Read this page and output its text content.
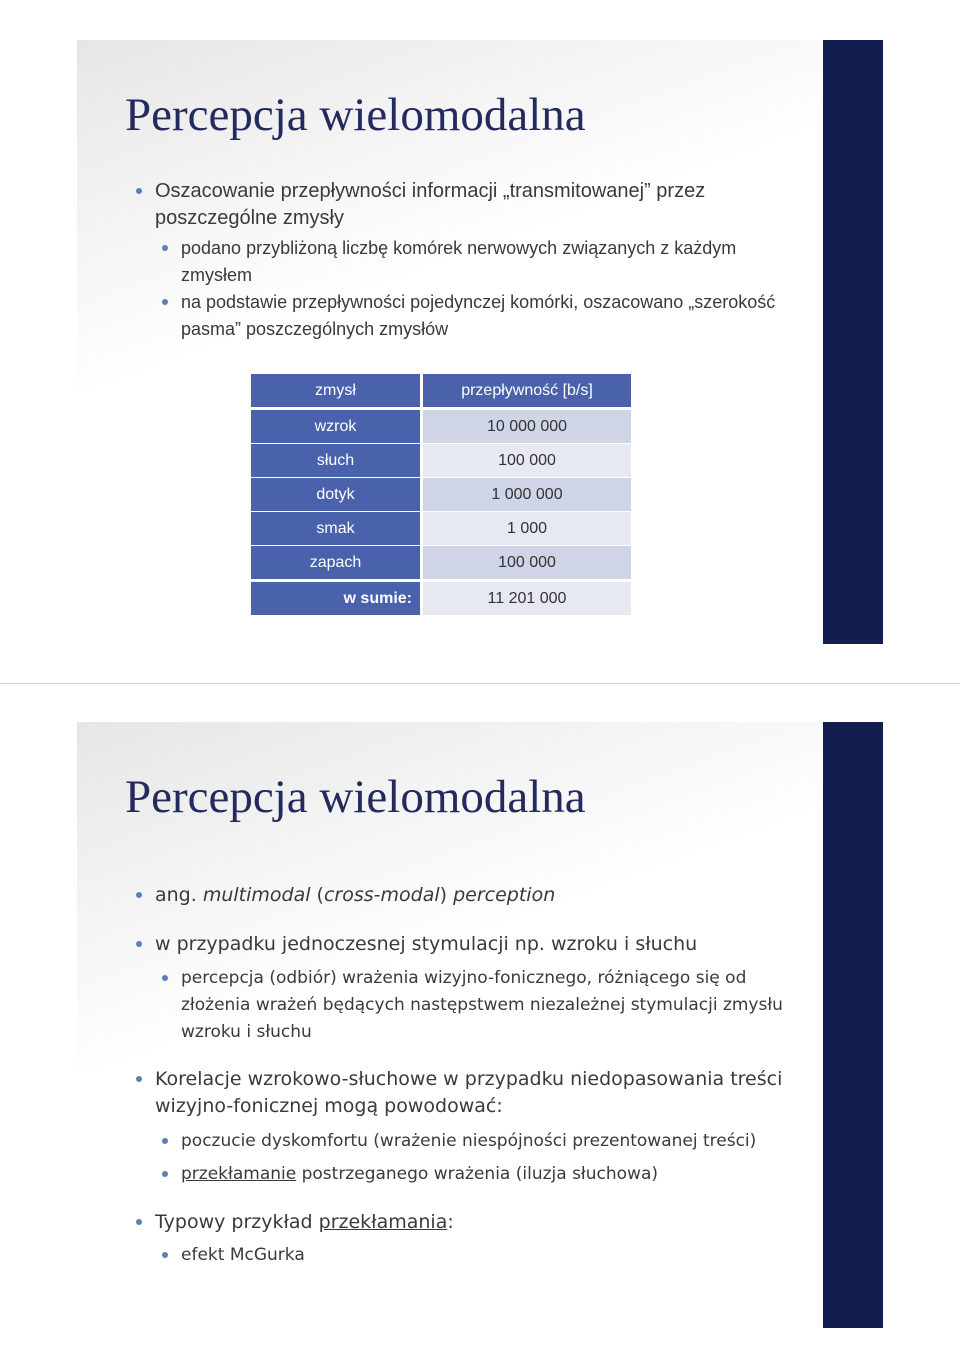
Percepcja wielomodalna

Oszacowanie przepływności informacji „transmitowanej” przez poszczególne zmysły

podano przybliżoną liczbę komórek nerwowych związanych z każdym zmysłem

na podstawie przepływności pojedynczej komórki, oszacowano „szerokość pasma” poszczególnych zmysłów

zmysł	przepływność [b/s]
wzrok	10 000 000
słuch	100 000
dotyk	1 000 000
smak	1 000
zapach	100 000
w sumie:	11 201 000
Percepcja wielomodalna

ang. multimodal (cross-modal) perception

w przypadku jednoczesnej stymulacji np. wzroku i słuchu

percepcja (odbiór) wrażenia wizyjno-fonicznego, różniącego się od złożenia wrażeń będących następstwem niezależnej stymulacji zmysłu wzroku i słuchu

Korelacje wzrokowo-słuchowe w przypadku niedopasowania treści wizyjno-fonicznej mogą powodować:

poczucie dyskomfortu (wrażenie niespójności prezentowanej treści)

przekłamanie postrzeganego wrażenia (iluzja słuchowa)

Typowy przykład przekłamania:

efekt McGurka
